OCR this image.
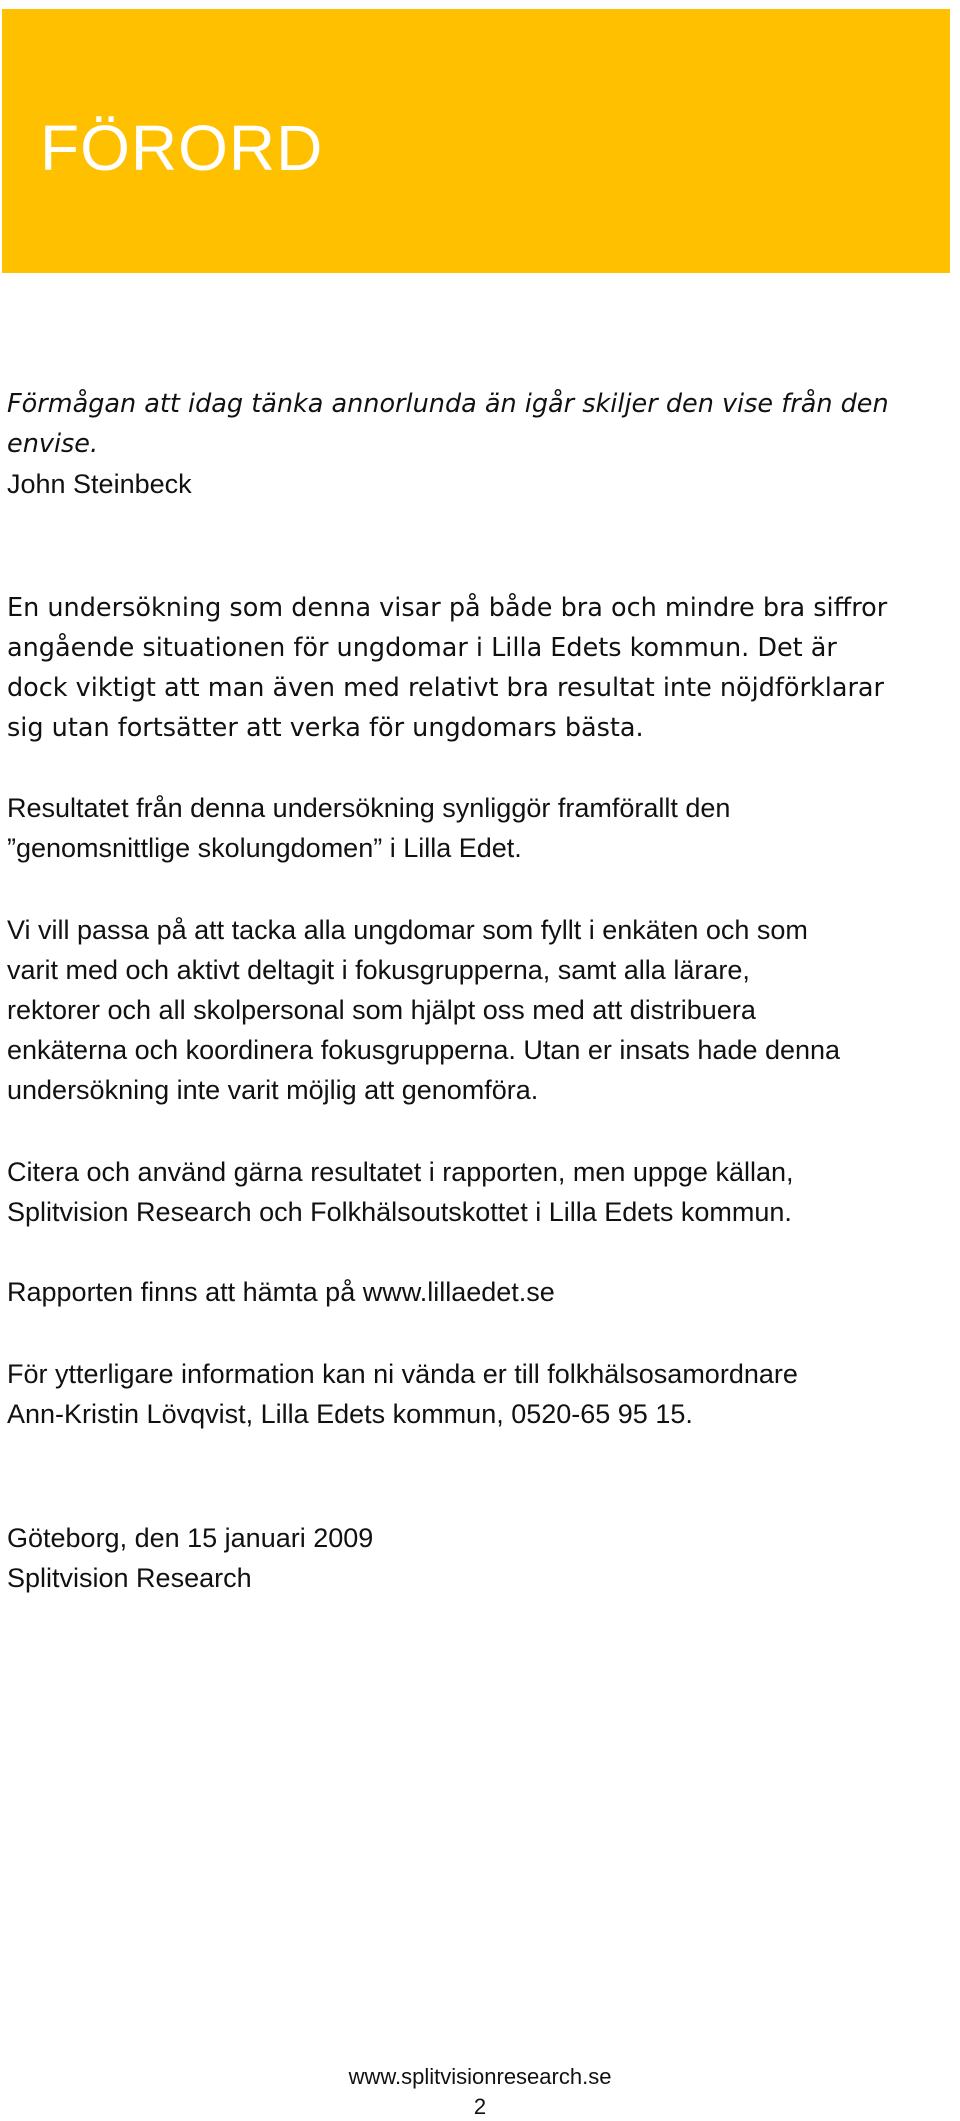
FÖRORD

Förmågan att idag tänka annorlunda än igår skiljer den vise från den
envise.

John Steinbeck

En undersökning som denna visar på både bra och mindre bra siffror
angående situationen för ungdomar i Lilla Edets kommun. Det är
dock viktigt att man även med relativt bra resultat inte nöjdförklarar
sig utan fortsätter att verka för ungdomars bästa.

Resultatet från denna undersökning synliggör framförallt den
”genomsnittlige skolungdomen” i Lilla Edet.

Vi vill passa på att tacka alla ungdomar som fyllt i enkäten och som
varit med och aktivt deltagit i fokusgrupperna, samt alla lärare,
rektorer och all skolpersonal som hjälpt oss med att distribuera
enkäterna och koordinera fokusgrupperna. Utan er insats hade denna
undersökning inte varit möjlig att genomföra.

Citera och använd gärna resultatet i rapporten, men uppge källan,
Splitvision Research och Folkhälsoutskottet i Lilla Edets kommun.

Rapporten finns att hämta på www.lillaedet.se

För ytterligare information kan ni vända er till folkhälsosamordnare
Ann-Kristin Lövqvist, Lilla Edets kommun, 0520-65 95 15.

Göteborg, den 15 januari 2009

Splitvision Research

www.splitvisionresearch.se

2
